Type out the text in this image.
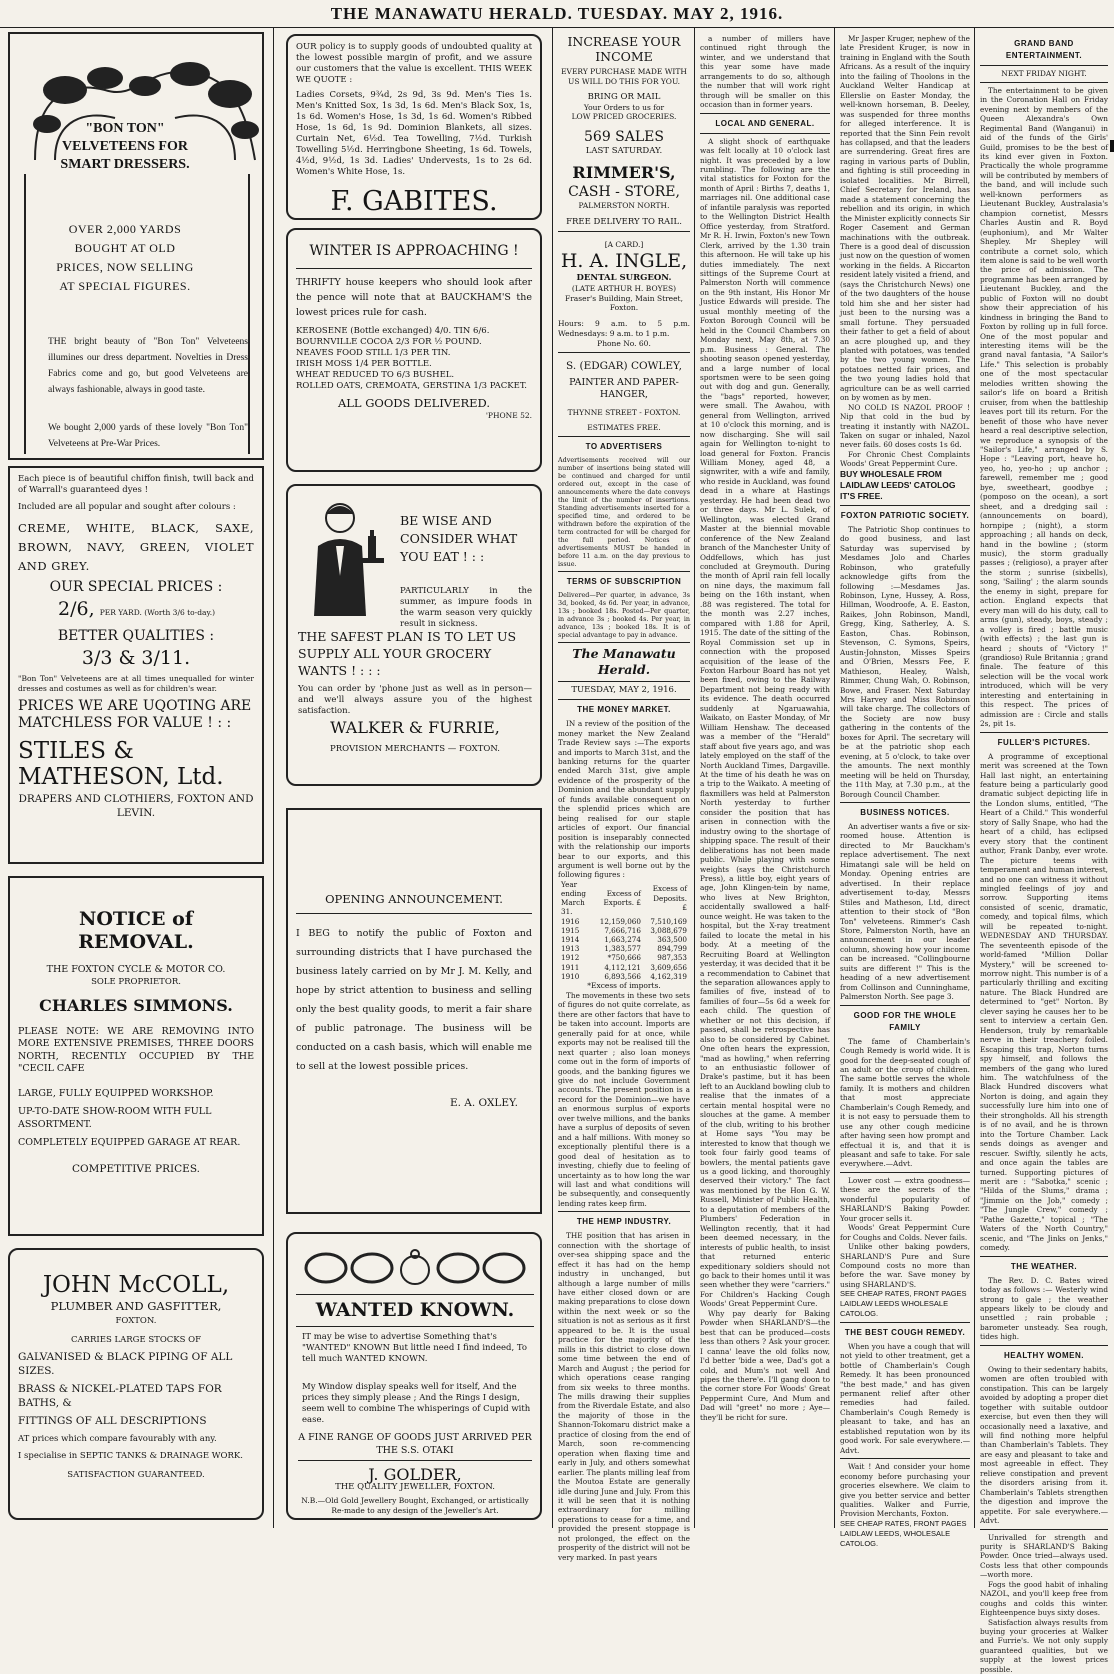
THE MANAWATU HERALD. TUESDAY. MAY 2, 1916.
"BON TON" VELVETEENS FOR SMART DRESSERS.
OVER 2,000 YARDS BOUGHT AT OLD PRICES, NOW SELLING AT SPECIAL FIGURES.
THE bright beauty of "Bon Ton" Velveteens illumines our dress department. Novelties in Dress Fabrics come and go, but good Velveteens are always fashionable, always in good taste.
We bought 2,000 yards of these lovely "Bon Ton" Velveteens at Pre-War Prices.
Each piece is of beautiful chiffon finish, twill back and of Warrall's guaranteed dyes !
Included are all popular and sought after colours :
CREME, WHITE, BLACK, SAXE, BROWN, NAVY, GREEN, VIOLET AND GREY.
OUR SPECIAL PRICES :
2/6, PER YARD. (Worth 3/6 to-day.)
BETTER QUALITIES :
3/3 & 3/11.
"Bon Ton" Velveteens are at all times unequalled for winter dresses and costumes as well as for children's wear.
PRICES WE ARE UQOTING ARE MATCHLESS FOR VALUE ! : :
STILES & MATHESON, Ltd.
DRAPERS AND CLOTHIERS, FOXTON AND LEVIN.
NOTICE of REMOVAL.
THE FOXTON CYCLE & MOTOR CO.
SOLE PROPRIETOR.
CHARLES SIMMONS.
PLEASE NOTE: WE ARE REMOVING INTO MORE EXTENSIVE PREMISES, THREE DOORS NORTH, RECENTLY OCCUPIED BY THE "CECIL CAFE
LARGE, FULLY EQUIPPED WORKSHOP.
UP-TO-DATE SHOW-ROOM WITH FULL ASSORTMENT.
COMPLETELY EQUIPPED GARAGE AT REAR.
COMPETITIVE PRICES.
JOHN McCOLL,
PLUMBER AND GASFITTER,
FOXTON.
CARRIES LARGE STOCKS OF
GALVANISED & BLACK PIPING OF ALL SIZES.
BRASS & NICKEL-PLATED TAPS FOR BATHS, &
FITTINGS OF ALL DESCRIPTIONS
AT prices which compare favourably with any.
I specialise in SEPTIC TANKS & DRAINAGE WORK.
SATISFACTION GUARANTEED.
OUR policy is to supply goods of undoubted quality at the lowest possible margin of profit, and we assure our customers that the value is excellent. THIS WEEK WE QUOTE :
Ladies Corsets, 9¾d, 2s 9d, 3s 9d. Men's Ties 1s. Men's Knitted Sox, 1s 3d, 1s 6d. Men's Black Sox, 1s, 1s 6d. Women's Hose, 1s 3d, 1s 6d. Women's Ribbed Hose, 1s 6d, 1s 9d. Dominion Blankets, all sizes. Curtain Net, 6½d. Tea Towelling, 7½d. Turkish Towelling 5½d. Herringbone Sheeting, 1s 6d. Towels, 4½d, 9½d, 1s 3d. Ladies' Undervests, 1s to 2s 6d. Women's White Hose, 1s.
F. GABITES.
WINTER IS APPROACHING !
THRIFTY house keepers who should look after the pence will note that at BAUCKHAM'S the lowest prices rule for cash.
KEROSENE (Bottle exchanged) 4/0. TIN 6/6.
BOURNVILLE COCOA 2/3 FOR ½ POUND.
NEAVES FOOD STILL 1/3 PER TIN.
IRISH MOSS 1/4 PER BOTTLE.
WHEAT REDUCED TO 6/3 BUSHEL.
ROLLED OATS, CREMOATA, GERSTINA 1/3 PACKET.
ALL GOODS DELIVERED.
'PHONE 52.
BE WISE AND CONSIDER WHAT YOU EAT ! : :
PARTICULARLY in the summer, as impure foods in the warm season very quickly result in sickness.
THE SAFEST PLAN IS TO LET US SUPPLY ALL YOUR GROCERY WANTS ! : : :
You can order by 'phone just as well as in person—and we'll always assure you of the highest satisfaction.
WALKER & FURRIE,
PROVISION MERCHANTS — FOXTON.
OPENING ANNOUNCEMENT.
I BEG to notify the public of Foxton and surrounding districts that I have purchased the business lately carried on by Mr J. M. Kelly, and hope by strict attention to business and selling only the best quality goods, to merit a fair share of public patronage. The business will be conducted on a cash basis, which will enable me to sell at the lowest possible prices.
E. A. OXLEY.
WANTED KNOWN.
IT may be wise to advertise Something that's "WANTED" KNOWN But little need I find indeed, To tell much WANTED KNOWN.
My Window display speaks well for itself, And the prices they simply please ; And the Rings I design, seem well to combine The whisperings of Cupid with ease.
A FINE RANGE OF GOODS JUST ARRIVED PER THE S.S. OTAKI
J. GOLDER,
THE QUALITY JEWELLER, FOXTON.
N.B.—Old Gold Jewellery Bought, Exchanged, or artistically Re-made to any design of the Jeweller's Art.
INCREASE YOUR INCOME
EVERY PURCHASE MADE WITH US WILL DO THIS FOR YOU.
BRING OR MAIL
Your Orders to us for
LOW PRICED GROCERIES.
569 SALES
LAST SATURDAY.
RIMMER'S,
CASH - STORE,
PALMERSTON NORTH.
FREE DELIVERY TO RAIL.
[A CARD.]
H. A. INGLE,
DENTAL SURGEON.
(LATE ARTHUR H. BOYES)
Fraser's Building, Main Street, Foxton.
Hours: 9 a.m. to 5 p.m. Wednesdays: 9 a.m. to 1 p.m.
Phone No. 60.
S. (EDGAR) COWLEY,
PAINTER AND PAPER-HANGER,
THYNNE STREET - FOXTON.
ESTIMATES FREE.
TO ADVERTISERS
Advertisements received will our number of insertions being stated will be continued and charged for until ordered out, except in the case of announcements where the date conveys the limit of the number of insertions. Standing advertisements inserted for a specified time, and ordered to be withdrawn before the expiration of the term contracted for will be charged for the full period. Notices of advertisements MUST be handed in before 11 a.m. on the day previous to issue.
TERMS OF SUBSCRIPTION
Delivered—Per quarter, in advance, 3s 3d, booked, 4s 6d. Per year, in advance, 13s ; booked 18s. Posted—Per quarter, in advance 3s ; booked 4s. Per year, in advance, 13s ; booked 18s. It is of special advantage to pay in advance.
The Manawatu Herald.
TUESDAY, MAY 2, 1916.
THE MONEY MARKET.

IN a review of the position of the money market the New Zealand Trade Review says :—The exports and imports to March 31st, and the banking returns for the quarter ended March 31st, give ample evidence of the prosperity of the Dominion and the abundant supply of funds available consequent on the splendid prices which are being realised for our staple articles of export. Our financial position is inseparably connected with the relationship our imports bear to our exports, and this argument is well borne out by the following figures :

Year ending March 31.	Excess of Exports. £	Excess of Deposits. £
1916	12,159,060	7,510,169
1915	7,666,716	3,088,679
1914	1,663,274	363,500
1913	1,383,577	894,799
1912	*750,666	987,353
1911	4,112,121	3,609,656
1910	6,893,566	4,162,319
*Excess of imports.

The movements in these two sets of figures do not quite correlate, as there are other factors that have to be taken into account. Imports are generally paid for at once, while exports may not be realised till the next quarter ; also loan moneys come out in the form of imports of goods, and the banking figures we give do not include Government accounts. The present position is a record for the Dominion—we have an enormous surplus of exports over twelve millions, and the banks have a surplus of deposits of seven and a half millions. With money so exceptionally plentiful there is a good deal of hesitation as to investing, chiefly due to feeling of uncertainty as to how long the war will last and what conditions will be subsequently, and consequently lending rates keep firm.

THE HEMP INDUSTRY.

THE position that has arisen in connection with the shortage of over-sea shipping space and the effect it has had on the hemp industry in unchanged, but although a large number of mills have either closed down or are making preparations to close down within the next week or so the situation is not as serious as it first appeared to be. It is the usual practice for the majority of the mills in this district to close down some time between the end of March and August ; the period for which operations cease ranging from six weeks to three months. The mills drawing their supplies from the Riverdale Estate, and also the majority of those in the Shannon-Tokomaru district make a practice of closing from the end of March, soon re-commencing operation when flaxing time and early in July, and others somewhat earlier. The plants milling leaf from the Moutoa Estate are generally idle during June and July. From this it will be seen that it is nothing extraordinary for milling operations to cease for a time, and provided the present stoppage is not prolonged, the effect on the prosperity of the district will not be very marked. In past years

a number of millers have continued right through the winter, and we understand that this year some have made arrangements to do so, although the number that will work right through will be smaller on this occasion than in former years.

LOCAL AND GENERAL.

A slight shock of earthquake was felt locally at 10 o'clock last night. It was preceded by a low rumbling. The following are the vital statistics for Foxton for the month of April : Births 7, deaths 1, marriages nil. One additional case of infantile paralysis was reported to the Wellington District Health Office yesterday, from Stratford. Mr R. H. Irwin, Foxton's new Town Clerk, arrived by the 1.30 train this afternoon. He will take up his duties immediately. The next sittings of the Supreme Court at Palmerston North will commence on the 9th instant, His Honor Mr Justice Edwards will preside. The usual monthly meeting of the Foxton Borough Council will be held in the Council Chambers on Monday next, May 8th, at 7.30 p.m. Business : General. The shooting season opened yesterday, and a large number of local sportsmen were to be seen going out with dog and gun. Generally, the "bags" reported, however, were small. The Awahou, with general from Wellington, arrived at 10 o'clock this morning, and is now discharging. She will sail again for Wellington to-night to load general for Foxton. Francis William Money, aged 48, a signwriter, with a wife and family, who reside in Auckland, was found dead in a whare at Hastings yesterday. He had been dead two or three days. Mr L. Sulek, of Wellington, was elected Grand Master at the biennial movable conference of the New Zealand branch of the Manchester Unity of Oddfellows, which has just concluded at Greymouth. During the month of April rain fell locally on nine days, the maximum fall being on the 16th instant, when .88 was registered. The total for the month was 2.27 inches, compared with 1.88 for April, 1915. The date of the sitting of the Royal Commission set up in connection with the proposed acquisition of the lease of the Foxton Harbour Board has not yet been fixed, owing to the Railway Department not being ready with its evidence. The death occurred suddenly at Ngaruawahia, Waikato, on Easter Monday, of Mr William Henshaw. The deceased was a member of the "Herald" staff about five years ago, and was lately employed on the staff of the North Auckland Times, Dargaville. At the time of his death he was on a trip to the Waikato. A meeting of flaxmillers was held at Palmerston North yesterday to further consider the position that has arisen in connection with the industry owing to the shortage of shipping space. The result of their deliberations has not been made public. While playing with some weights (says the Christchurch Press), a little boy, eight years of age, John Klingen-tein by name, who lives at New Brighton, accidentally swallowed a half-ounce weight. He was taken to the hospital, but the X-ray treatment failed to locate the metal in his body. At a meeting of the Recruiting Board at Wellington yesterday, it was decided that it be a recommendation to Cabinet that the separation allowances apply to families of five, instead of to families of four—5s 6d a week for each child. The question of whether or not this decision, if passed, shall be retrospective has also to be considered by Cabinet. One often hears the expression, "mad as howling," when referring to an enthusiastic follower of Drake's pastime, but it has been left to an Auckland bowling club to realise that the inmates of a certain mental hospital were no slouches at the game. A member of the club, writing to his brother at Home says "You may be interested to know that though we took four fairly good teams of bowlers, the mental patients gave us a good licking, and thoroughly deserved their victory." The fact was mentioned by the Hon G. W. Russell, Minister of Public Health, to a deputation of members of the Plumbers' Federation in Wellington recently, that it had been deemed necessary, in the interests of public health, to insist that returned enteric expeditionary soldiers should not go back to their homes until it was seen whether they were "carriers." For Children's Hacking Cough Woods' Great Peppermint Cure.

Why pay dearly for Baking Powder when SHARLAND'S—the best that can be produced—costs less than others ? Ask your grocer. I canna' leave the old folks now, I'd better 'bide a wee, Dad's got a cold, and Mum's not well And pipes the there'e. I'll gang doon to the corner store For Woods' Great Peppermint Cure, And Mum and Dad will "greet" no more ; Aye—they'll be richt for sure.

Mr Jasper Kruger, nephew of the late President Kruger, is now in training in England with the South Africans. As a result of the inquiry into the failing of Thoolons in the Auckland Welter Handicap at Ellerslie on Easter Monday, the well-known horseman, B. Deeley, was suspended for three months for alleged interference. It is reported that the Sinn Fein revolt has collapsed, and that the leaders are surrendering. Great fires are raging in various parts of Dublin, and fighting is still proceeding in isolated localities. Mr Birrell, Chief Secretary for Ireland, has made a statement concerning the rebellion and its origin, in which the Minister explicitly connects Sir Roger Casement and German machinations with the outbreak. There is a good deal of discussion just now on the question of women working in the fields. A Riccarton resident lately visited a friend, and (says the Christchurch News) one of the two daughters of the house told him she and her sister had just been to the nursing was a small fortune. They persuaded their father to get a field of about an acre ploughed up, and they planted with potatoes, was tended by the two young women. The potatoes netted fair prices, and the two young ladies hold that agriculture can be as well carried on by women as by men.

NO COLD IS NAZOL PROOF ! Nip that cold in the bud by treating it instantly with NAZOL. Taken on sugar or inhaled, Nazol never fails. 60 doses costs 1s 6d.

For Chronic Chest Complaints Woods' Great Peppermint Cure.

BUY WHOLESALE FROM LAIDLAW LEEDS' CATOLOG IT'S FREE.
FOXTON PATRIOTIC SOCIETY.

The Patriotic Shop continues to do good business, and last Saturday was supervised by Mesdames Jolo and Charles Robinson, who gratefully acknowledge gifts from the following :—Mesdames Jas. Robinson, Lyne, Hussey, A. Ross, Hillman, Woodroofe, A. E. Easton, Raikes, John Robinson, Mandl, Gregg, King, Satherley, A. S. Easton, Chas. Robinson, Stevenson, C. Symons, Speirs, Austin-Johnston, Misses Speirs and O'Brien, Messrs Fee, F. Mathieson, Healey, Walsh, Rimmer, Chung Wah, O. Robinson, Bowe, and Fraser. Next Saturday Mrs Harvey and Miss Robinson will take charge. The collectors of the Society are now busy gathering in the contents of the boxes for April. The secretary will be at the patriotic shop each evening, at 5 o'clock, to take over the amounts. The next monthly meeting will be held on Thursday, the 11th May, at 7.30 p.m., at the Borough Council Chamber.

BUSINESS NOTICES.

An advertiser wants a five or six-roomed house. Attention is directed to Mr Bauckham's replace advertisement. The next Himatangi sale will be held on Monday. Opening entries are advertised. In their replace advertisement to-day, Messrs Stiles and Matheson, Ltd, direct attention to their stock of "Bon Ton" velveteens. Rimmer's Cash Store, Palmerston North, have an announcement in our leader column, showing how your income can be increased. "Collingbourne suits are different !" This is the heading of a new advertisement from Collinson and Cunninghame, Palmerston North. See page 3.

GOOD FOR THE WHOLE FAMILY

The fame of Chamberlain's Cough Remedy is world wide. It is good for the deep-seated cough of an adult or the croup of children. The same bottle serves the whole family. It is mothers and children that most appreciate Chamberlain's Cough Remedy, and it is not easy to persuade them to use any other cough medicine after having seen how prompt and effectual it is, and that it is pleasant and safe to take. For sale everywhere.—Advt.

Lower cost — extra goodness—these are the secrets of the wonderful popularity of SHARLAND'S Baking Powder. Your grocer sells it.

Woods' Great Peppermint Cure for Coughs and Colds. Never fails.

Unlike other baking powders, SHARLAND'S Pure and Sure Compound costs no more than before the war. Save money by using SHARLAND'S.

SEE CHEAP RATES, FRONT PAGES LAIDLAW LEEDS WHOLESALE CATOLOG.
THE BEST COUGH REMEDY.

When you have a cough that will not yield to other treatment, get a bottle of Chamberlain's Cough Remedy. It has been pronounced "the best made," and has given permanent relief after other remedies had failed. Chamberlain's Cough Remedy is pleasant to take, and has an established reputation won by its good work. For sale everywhere.—Advt.

Wait ! And consider your home economy before purchasing your groceries elsewhere. We claim to give you better service and better qualities. Walker and Furrie, Provision Merchants, Foxton.

SEE CHEAP RATES, FRONT PAGES LAIDLAW LEEDS, WHOLESALE CATOLOG.
GRAND BAND ENTERTAINMENT.
NEXT FRIDAY NIGHT.

The entertainment to be given in the Coronation Hall on Friday evening next by members of the Queen Alexandra's Own Regimental Band (Wanganui) in aid of the funds of the Girls' Guild, promises to be the best of its kind ever given in Foxton. Practically the whole programme will be contributed by members of the band, and will include such well-known performers as Lieutenant Buckley, Australasia's champion cornetist, Messrs Charles Austin and R. Boyd (euphonium), and Mr Walter Shepley. Mr Shepley will contribute a cornet solo, which item alone is said to be well worth the price of admission. The programme has been arranged by Lieutenant Buckley, and the public of Foxton will no doubt show their appreciation of his kindness in bringing the Band to Foxton by rolling up in full force. One of the most popular and interesting items will be the grand naval fantasia, "A Sailor's Life." This selection is probably one of the most spectacular melodies written showing the sailor's life on board a British cruiser, from when the battleship leaves port till its return. For the benefit of those who have never heard a real descriptive selection, we reproduce a synopsis of the "Sailor's Life," arranged by S. Hope : "Leaving port, heave ho, yeo, ho, yeo-ho ; up anchor ; farewell, remember me ; good bye, sweetheart, goodbye ; (pomposo on the ocean), a sort sheet, and a dredging sail : (announcements on board), hornpipe ; (night), a storm approaching ; all hands on deck, hand in the bowline ; (storm music), the storm gradually passes ; (religioso), a prayer after the storm ; sunrise (sixbells), song, 'Sailing' ; the alarm sounds the enemy in sight, prepare for action. England expects that every man will do his duty, call to arms (gun), steady, boys, steady ; a volley is fired ; battle music (with effects) ; the last gun is heard ; shouts of "Victory !" (grandioso) Rule Britannia ; grand finale. The feature of this selection will be the vocal work introduced, which will be very interesting and entertaining in this respect. The prices of admission are : Circle and stalls 2s, pit 1s.

FULLER'S PICTURES.

A programme of exceptional merit was screened at the Town Hall last night, an entertaining feature being a particularly good dramatic subject depicting life in the London slums, entitled, "The Heart of a Child." This wonderful story of Sally Snape, who had the heart of a child, has eclipsed every story that the continent author, Frank Danby, ever wrote. The picture teems with temperament and human interest, and no one can witness it without mingled feelings of joy and sorrow. Supporting items consisted of scenic, dramatic, comedy, and topical films, which will be repeated to-night. WEDNESDAY AND THURSDAY. The seventeenth episode of the world-famed "Million Dollar Mystery," will be screened to-morrow night. This number is of a particularly thrilling and exciting nature. The Black Hundred are determined to "get" Norton. By clever saying he causes her to be sent to interview a certain Gen. Henderson, truly by remarkable nerve in their treachery foiled. Escaping this trap, Norton turns spy himself, and follows the members of the gang who lured him. The watchfulness of the Black Hundred discovers what Norton is doing, and again they successfully lure him into one of their strongholds. All his strength is of no avail, and he is thrown into the Torture Chamber. Lack sends doings as avenger and rescuer. Swiftly, silently he acts, and once again the tables are turned. Supporting pictures of merit are : "Sabotka," scenic ; "Hilda of the Slums," drama ; "Jimmie on the Job," comedy ; "The Jungle Crew," comedy ; "Pathe Gazette," topical ; "The Waters of the North Country," scenic, and "The Jinks on Jenks," comedy.

THE WEATHER.

The Rev. D. C. Bates wired today as follows :— Westerly wind strong to gale ; the weather appears likely to be cloudy and unsettled ; rain probable ; barometer unsteady. Sea rough, tides high.

HEALTHY WOMEN.

Owing to their sedentary habits, women are often troubled with constipation. This can be largely avoided by adopting a proper diet together with suitable outdoor exercise, but even then they will occasionally need a laxative, and will find nothing more helpful than Chamberlain's Tablets. They are easy and pleasant to take and most agreeable in effect. They relieve constipation and prevent the disorders arising from it. Chamberlain's Tablets strengthen the digestion and improve the appetite. For sale everywhere.—Advt.

Unrivalled for strength and purity is SHARLAND'S Baking Powder. Once tried—always used. Costs less that other compounds—worth more.

Fogs the good habit of inhaling NAZOL, and you'll keep free from coughs and colds this winter. Eighteenpence buys sixty doses.

Satisfaction always results from buying your groceries at Walker and Furrie's. We not only supply guaranteed qualities, but we supply at the lowest prices possible.
